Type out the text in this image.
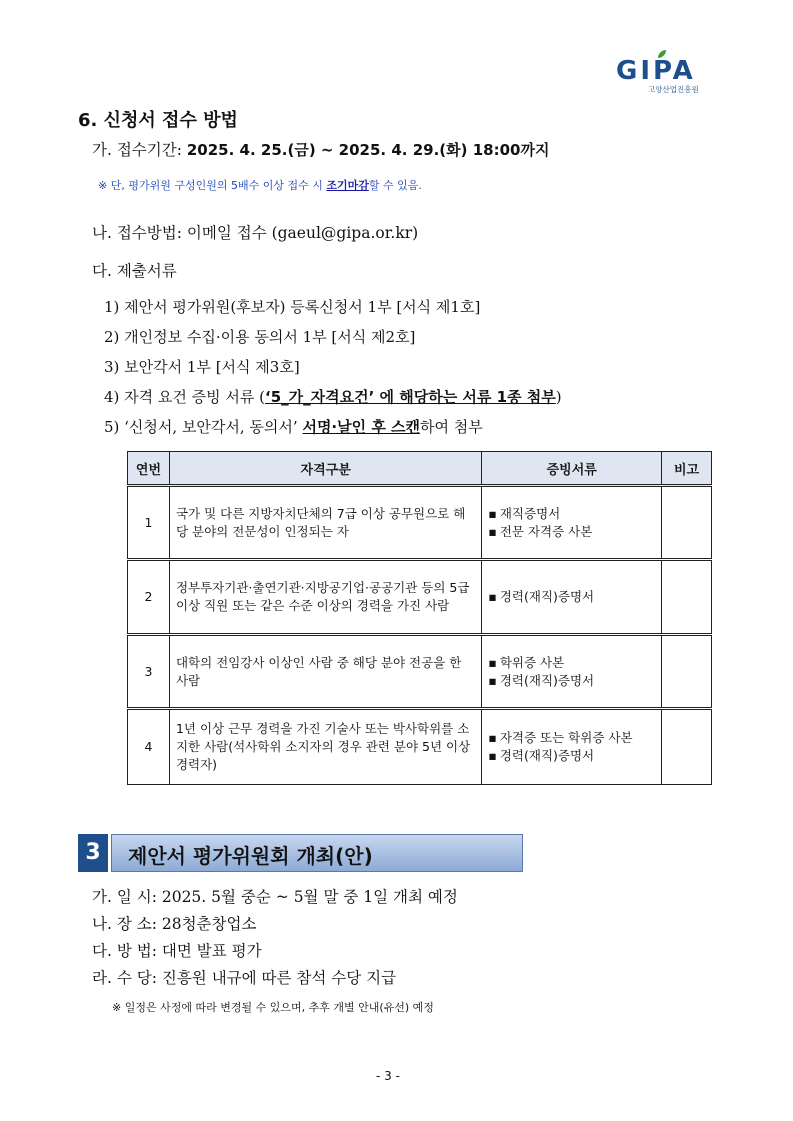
GIPA
고양산업진흥원
6. 신청서 접수 방법
가. 접수기간: 2025. 4. 25.(금) ~ 2025. 4. 29.(화) 18:00까지
※ 단, 평가위원 구성인원의 5배수 이상 접수 시 조기마감할 수 있음.
나. 접수방법: 이메일 접수 (gaeul@gipa.or.kr)
다. 제출서류
1) 제안서 평가위원(후보자) 등록신청서 1부 [서식 제1호]
2) 개인정보 수집·이용 동의서 1부 [서식 제2호]
3) 보안각서 1부 [서식 제3호]
4) 자격 요건 증빙 서류 (‘5_가_자격요건’ 에 해당하는 서류 1종 첨부)
5) ‘신청서, 보안각서, 동의서’ 서명·날인 후 스캔하여 첨부
연번	자격구분	증빙서류	비고
1	국가 및 다른 지방자치단체의 7급 이상 공무원으로 해당 분야의 전문성이 인정되는 자	▪ 재직증명서
▪ 전문 자격증 사본

2	정부투자기관·출연기관·지방공기업·공공기관 등의 5급 이상 직원 또는 같은 수준 이상의 경력을 가진 사람	▪ 경력(재직)증명서

3	대학의 전임강사 이상인 사람 중 해당 분야 전공을 한 사람	▪ 학위증 사본
▪ 경력(재직)증명서

4	1년 이상 근무 경력을 가진 기술사 또는 박사학위를 소지한 사람(석사학위 소지자의 경우 관련 분야 5년 이상 경력자)	▪ 자격증 또는 학위증 사본
▪ 경력(재직)증명서

3	제안서 평가위원회 개최(안)
가. 일 시: 2025. 5월 중순 ~ 5월 말 중 1일 개최 예정
나. 장 소: 28청춘창업소
다. 방 법: 대면 발표 평가
라. 수 당: 진흥원 내규에 따른 참석 수당 지급
※ 일정은 사정에 따라 변경될 수 있으며, 추후 개별 안내(유선) 예정
- 3 -
